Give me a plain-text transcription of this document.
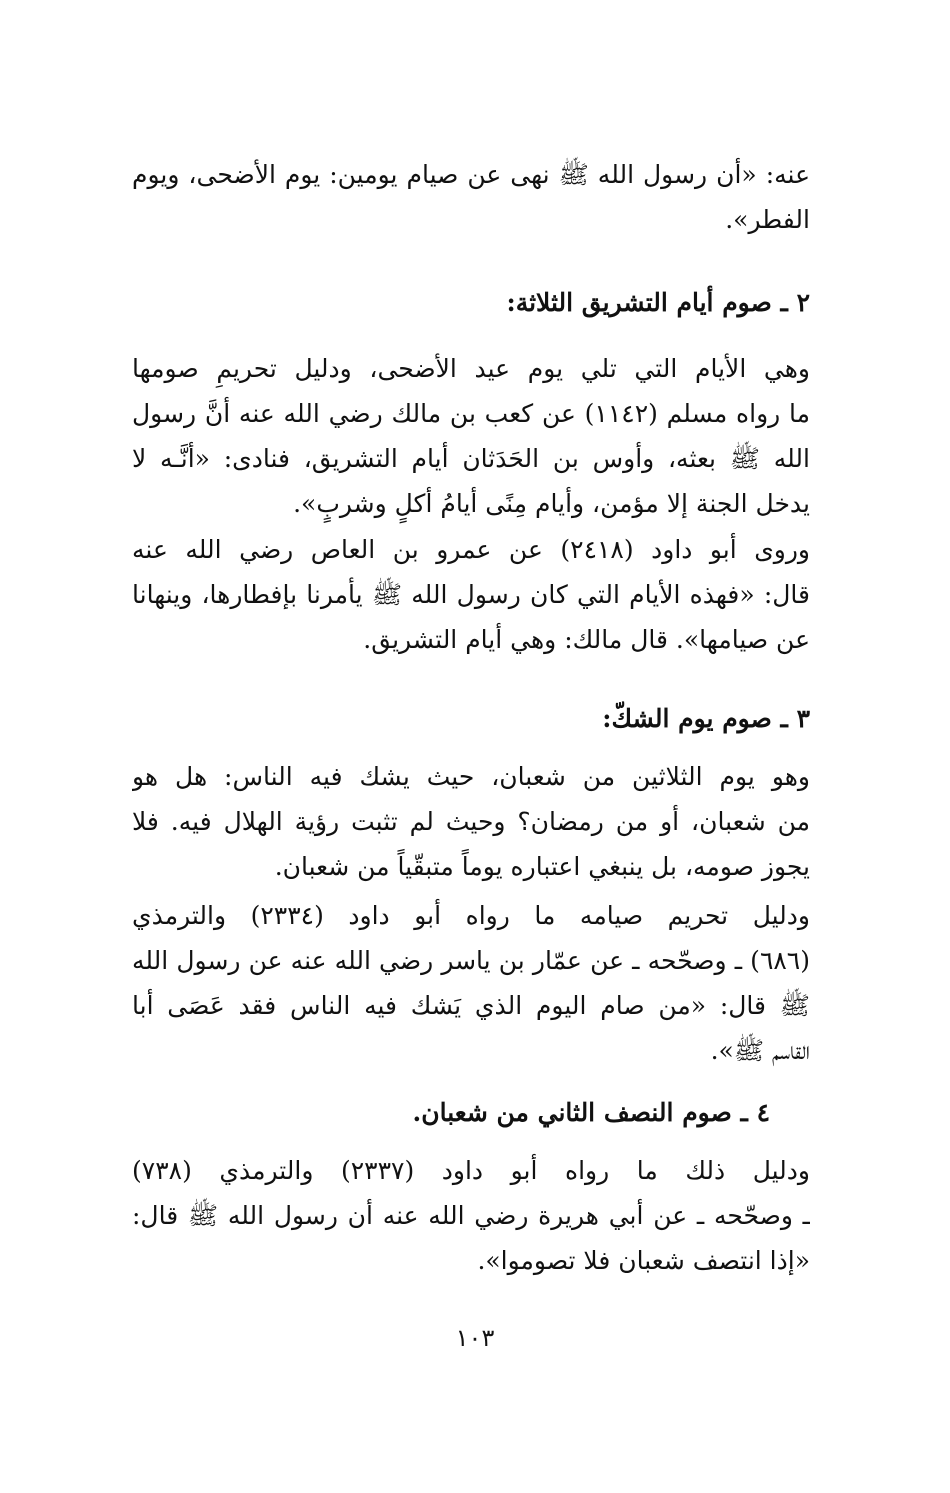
عنه: «أن رسول الله ﷺ نهى عن صيام يومين: يوم الأضحى، ويوم
الفطر».
٢ ـ صوم أيام التشريق الثلاثة:
وهي الأيام التي تلي يوم عيد الأضحى، ودليل تحريمِ صومها
ما رواه مسلم (١١٤٢) عن كعب بن مالك رضي الله عنه أنَّ رسول
الله ﷺ بعثه، وأوس بن الحَدَثان أيام التشريق، فنادى: «أنَّـه لا
يدخل الجنة إلا مؤمن، وأيام مِنًى أيامُ أكلٍ وشربٍ».
وروى أبو داود (٢٤١٨) عن عمرو بن العاص رضي الله عنه
قال: «فهذه الأيام التي كان رسول الله ﷺ يأمرنا بإفطارها، وينهانا
عن صيامها». قال مالك: وهي أيام التشريق.
٣ ـ صوم يوم الشكّ:
وهو يوم الثلاثين من شعبان، حيث يشك فيه الناس: هل هو
من شعبان، أو من رمضان؟ وحيث لم تثبت رؤية الهلال فيه. فلا
يجوز صومه، بل ينبغي اعتباره يوماً متبقّياً من شعبان.
ودليل تحريم صيامه ما رواه أبو داود (٢٣٣٤) والترمذي
(٦٨٦) ـ وصحّحه ـ عن عمّار بن ياسر رضي الله عنه عن رسول الله
ﷺ قال: «من صام اليوم الذي يَشك فيه الناس فقد عَصَى أبا
القاسم ﷺ».
٤ ـ صوم النصف الثاني من شعبان.
ودليل ذلك ما رواه أبو داود (٢٣٣٧) والترمذي (٧٣٨)
ـ وصحّحه ـ عن أبي هريرة رضي الله عنه أن رسول الله ﷺ قال:
«إذا انتصف شعبان فلا تصوموا».
١٠٣
